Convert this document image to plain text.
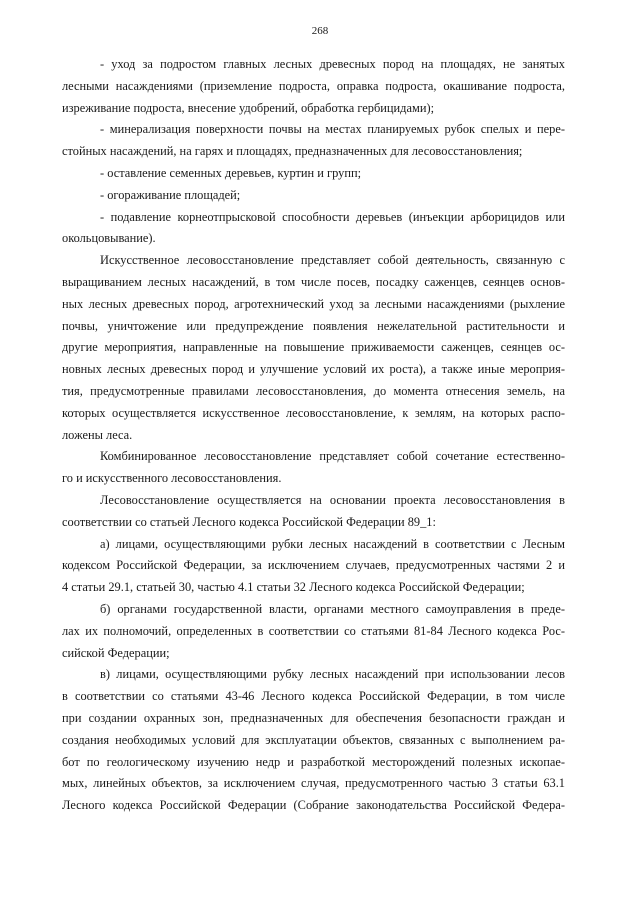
268
- уход за подростом главных лесных древесных пород на площадях, не занятых
лесными насаждениями (приземление подроста, оправка подроста, окашивание подроста,
изреживание подроста, внесение удобрений, обработка гербицидами);
- минерализация поверхности почвы на местах планируемых рубок спелых и пере-
стойных насаждений, на гарях и площадях, предназначенных для лесовосстановления;
- оставление семенных деревьев, куртин и групп;
- огораживание площадей;
- подавление корнеотпрысковой способности деревьев (инъекции арборицидов или
окольцовывание).
Искусственное лесовосстановление представляет собой деятельность, связанную с
выращиванием лесных насаждений, в том числе посев, посадку саженцев, сеянцев основ-
ных лесных древесных пород, агротехнический уход за лесными насаждениями (рыхление
почвы, уничтожение или предупреждение появления нежелательной растительности и
другие мероприятия, направленные на повышение приживаемости саженцев, сеянцев ос-
новных лесных древесных пород и улучшение условий их роста), а также иные мероприя-
тия, предусмотренные правилами лесовосстановления, до момента отнесения земель, на
которых осуществляется искусственное лесовосстановление, к землям, на которых распо-
ложены леса.
Комбинированное лесовосстановление представляет собой сочетание естественно-
го и искусственного лесовосстановления.
Лесовосстановление осуществляется на основании проекта лесовосстановления в
соответствии со статьей Лесного кодекса Российской Федерации 89_1:
а) лицами, осуществляющими рубки лесных насаждений в соответствии с Лесным
кодексом Российской Федерации, за исключением случаев, предусмотренных частями 2 и
4 статьи 29.1, статьей 30, частью 4.1 статьи 32 Лесного кодекса Российской Федерации;
б) органами государственной власти, органами местного самоуправления в преде-
лах их полномочий, определенных в соответствии со статьями 81-84 Лесного кодекса Рос-
сийской Федерации;
в) лицами, осуществляющими рубку лесных насаждений при использовании лесов
в соответствии со статьями 43-46 Лесного кодекса Российской Федерации, в том числе
при создании охранных зон, предназначенных для обеспечения безопасности граждан и
создания необходимых условий для эксплуатации объектов, связанных с выполнением ра-
бот по геологическому изучению недр и разработкой месторождений полезных ископае-
мых, линейных объектов, за исключением случая, предусмотренного частью 3 статьи 63.1
Лесного кодекса Российской Федерации (Собрание законодательства Российской Федера-
